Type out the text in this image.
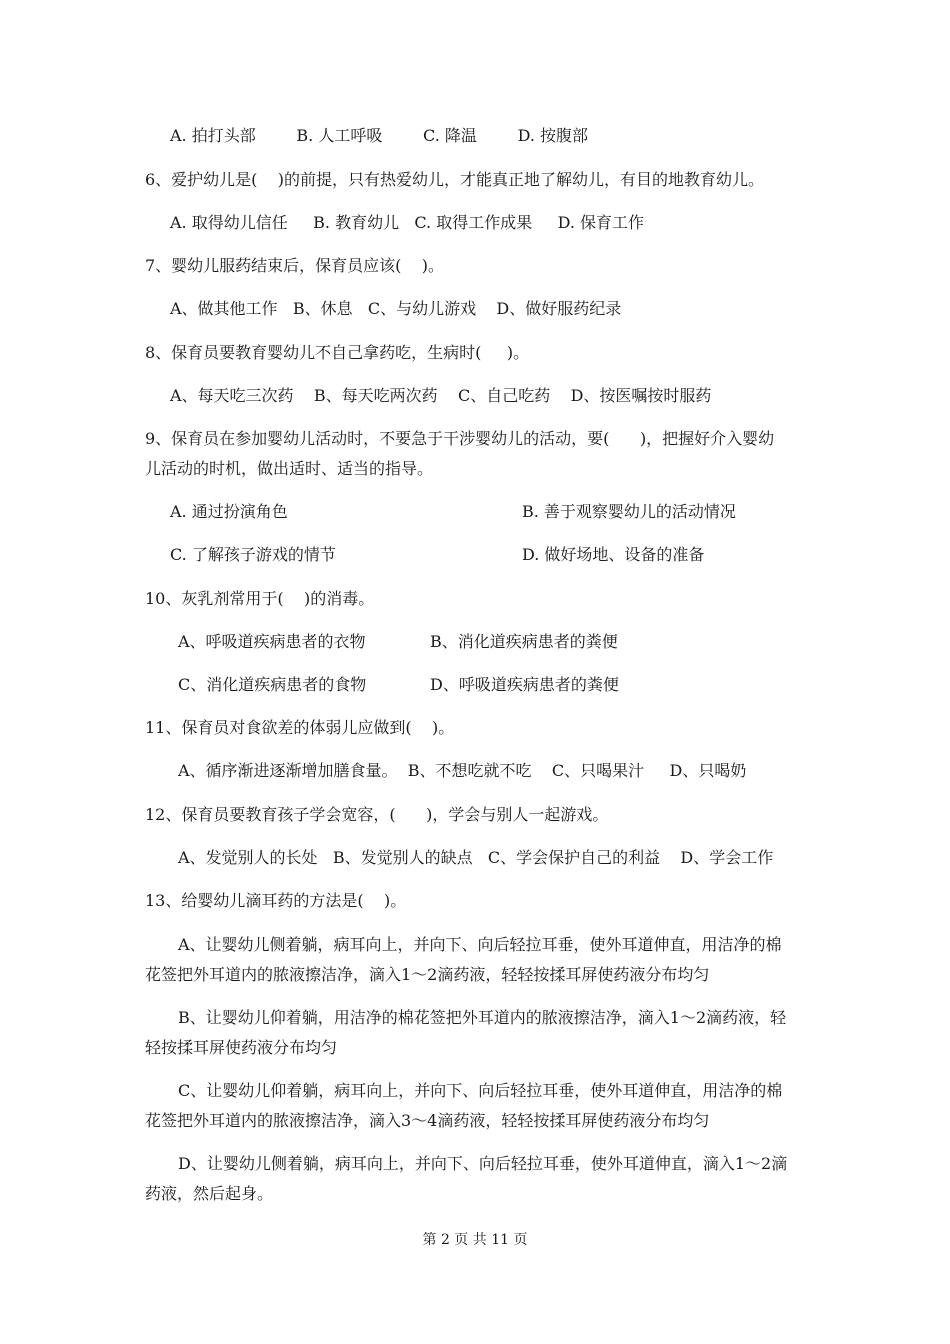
A. 拍打头部        B. 人工呼吸        C. 降温        D. 按腹部
6、爱护幼儿是(    )的前提，只有热爱幼儿，才能真正地了解幼儿，有目的地教育幼儿。
A. 取得幼儿信任     B. 教育幼儿   C. 取得工作成果     D. 保育工作
7、婴幼儿服药结束后，保育员应该(    )。
A、做其他工作   B、休息   C、与幼儿游戏    D、做好服药纪录
8、保育员要教育婴幼儿不自己拿药吃，生病时(     )。
A、每天吃三次药    B、每天吃两次药    C、自己吃药    D、按医嘱按时服药
9、保育员在参加婴幼儿活动时，不要急于干涉婴幼儿的活动，要(      )，把握好介入婴幼
儿活动的时机，做出适时、适当的指导。
A. 通过扮演角色	B. 善于观察婴幼儿的活动情况
C. 了解孩子游戏的情节	D. 做好场地、设备的准备
10、灰乳剂常用于(    )的消毒。
A、呼吸道疾病患者的衣物	B、消化道疾病患者的粪便
C、消化道疾病患者的食物	D、呼吸道疾病患者的粪便
11、保育员对食欲差的体弱儿应做到(    )。
A、循序渐进逐渐增加膳食量。  B、不想吃就不吃    C、只喝果汁     D、只喝奶
12、保育员要教育孩子学会宽容，(      )，学会与别人一起游戏。
A、发觉别人的长处   B、发觉别人的缺点   C、学会保护自己的利益    D、学会工作
13、给婴幼儿滴耳药的方法是(    )。
A、让婴幼儿侧着躺，病耳向上，并向下、向后轻拉耳垂，使外耳道伸直，用洁净的棉
花签把外耳道内的脓液擦洁净，滴入1～2滴药液，轻轻按揉耳屏使药液分布均匀
B、让婴幼儿仰着躺，用洁净的棉花签把外耳道内的脓液擦洁净，滴入1～2滴药液，轻
轻按揉耳屏使药液分布均匀
C、让婴幼儿仰着躺，病耳向上，并向下、向后轻拉耳垂，使外耳道伸直，用洁净的棉
花签把外耳道内的脓液擦洁净，滴入3～4滴药液，轻轻按揉耳屏使药液分布均匀
D、让婴幼儿侧着躺，病耳向上，并向下、向后轻拉耳垂，使外耳道伸直，滴入1～2滴
药液，然后起身。
第 2 页 共 11 页
